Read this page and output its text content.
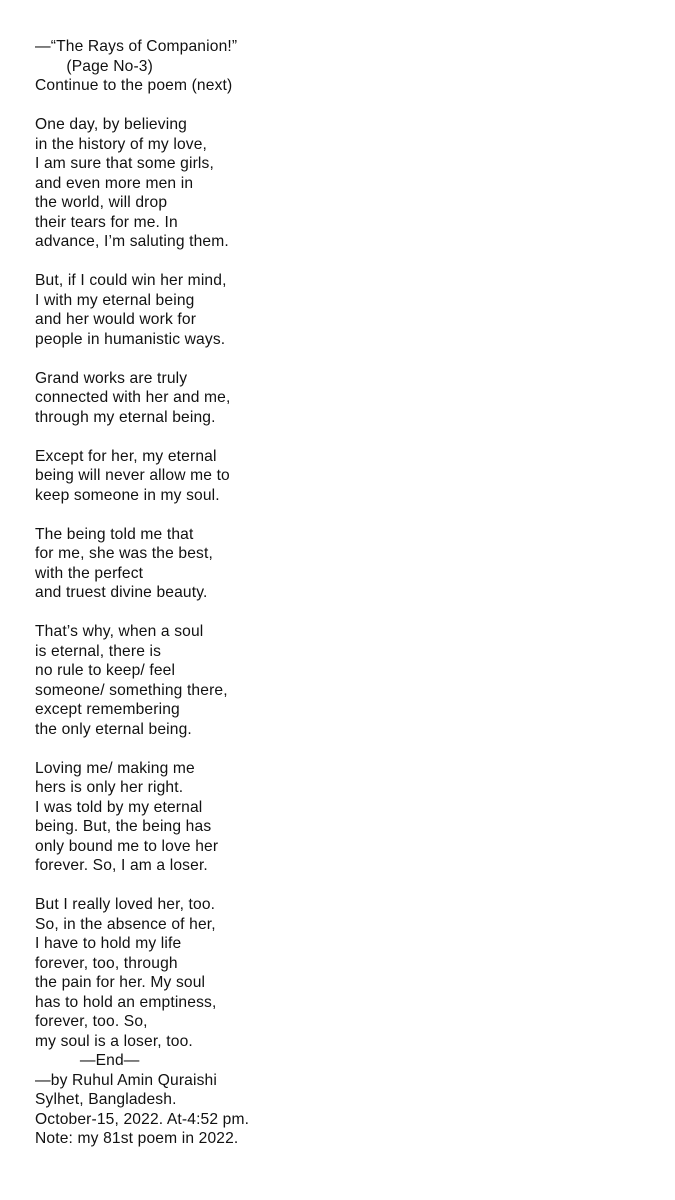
—“The Rays of Companion!”
(Page No-3)
Continue to the poem (next)
One day, by believing
in the history of my love,
I am sure that some girls,
and even more men in
the world, will drop
their tears for me. In
advance, I’m saluting them.
But, if I could win her mind,
I with my eternal being
and her would work for
people in humanistic ways.
Grand works are truly
connected with her and me,
through my eternal being.
Except for her, my eternal
being will never allow me to
keep someone in my soul.
The being told me that
for me, she was the best,
with the perfect
and truest divine beauty.
That’s why, when a soul
is eternal, there is
no rule to keep/ feel
someone/ something there,
except remembering
the only eternal being.
Loving me/ making me
hers is only her right.
I was told by my eternal
being. But, the being has
only bound me to love her
forever. So, I am a loser.
But I really loved her, too.
So, in the absence of her,
I have to hold my life
forever, too, through
the pain for her. My soul
has to hold an emptiness,
forever, too. So,
my soul is a loser, too.
—End—
—by Ruhul Amin Quraishi
Sylhet, Bangladesh.
October-15, 2022. At-4:52 pm.
Note: my 81st poem in 2022.
